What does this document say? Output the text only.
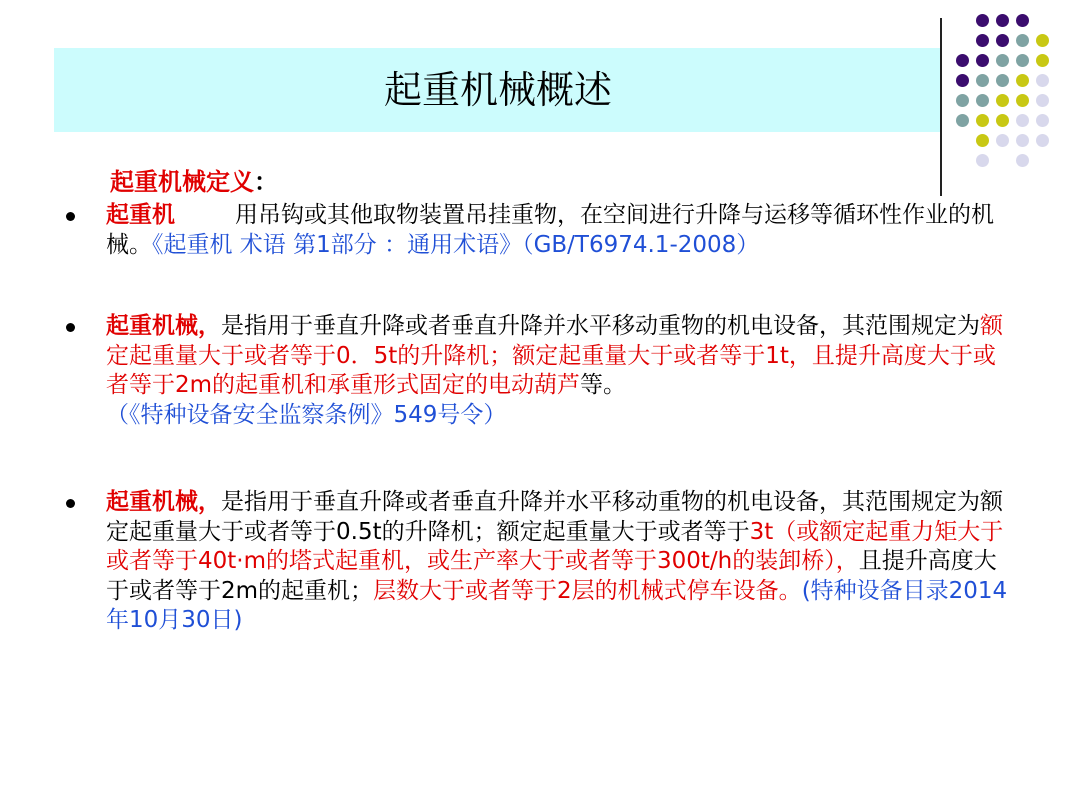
起重机械概述
起重机械定义：
起重机	用吊钩或其他取物装置吊挂重物，在空间进行升降与运移等循环性作业的机械。《起重机 术语 第1部分 ：通用术语》（GB/T6974.1-2008）
起重机械，是指用于垂直升降或者垂直升降并水平移动重物的机电设备，其范围规定为额定起重量大于或者等于0．5t的升降机；额定起重量大于或者等于1t，且提升高度大于或者等于2m的起重机和承重形式固定的电动葫芦等。
（《特种设备安全监察条例》549号令）
起重机械，是指用于垂直升降或者垂直升降并水平移动重物的机电设备，其范围规定为额定起重量大于或者等于0.5t的升降机；额定起重量大于或者等于3t（或额定起重力矩大于或者等于40t·m的塔式起重机，或生产率大于或者等于300t/h的装卸桥），且提升高度大于或者等于2m的起重机；层数大于或者等于2层的机械式停车设备。(特种设备目录2014年10月30日)
